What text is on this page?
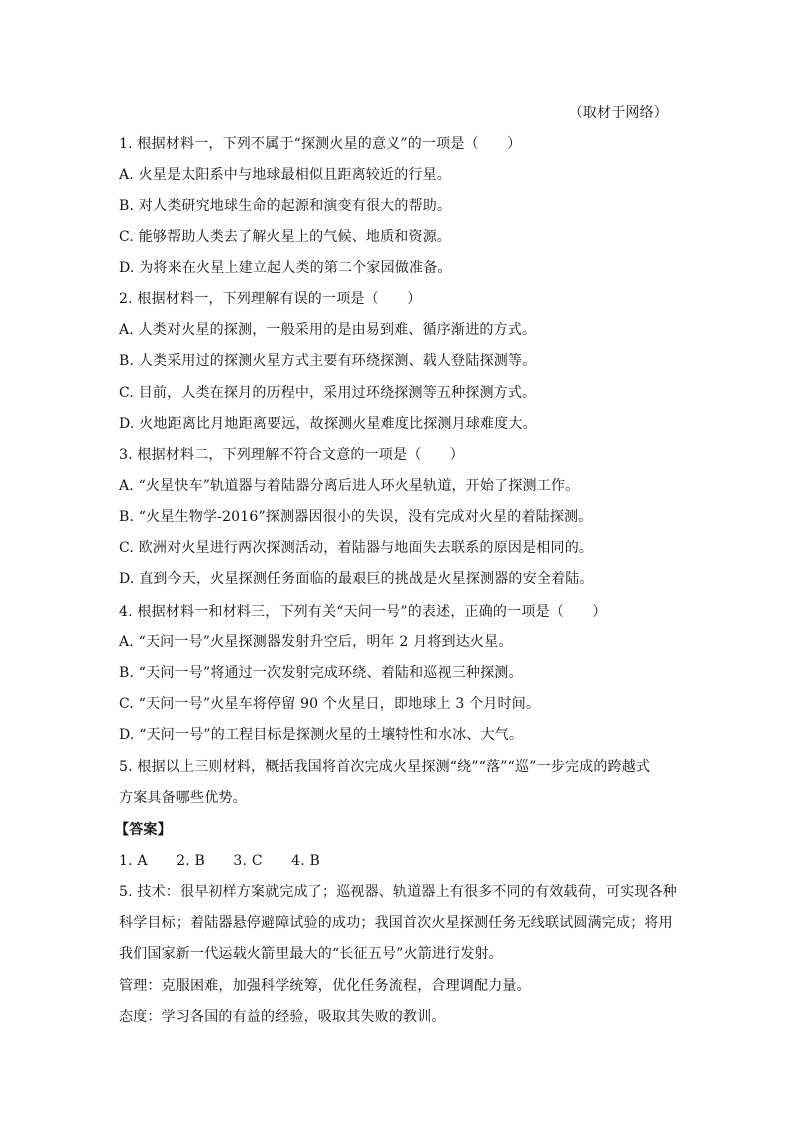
（取材于网络）
1. 根据材料一，下列不属于“探测火星的意义”的一项是（　　）
A. 火星是太阳系中与地球最相似且距离较近的行星。
B. 对人类研究地球生命的起源和演变有很大的帮助。
C. 能够帮助人类去了解火星上的气候、地质和资源。
D. 为将来在火星上建立起人类的第二个家园做准备。
2. 根据材料一，下列理解有误的一项是（　　）
A. 人类对火星的探测，一般采用的是由易到难、循序渐进的方式。
B. 人类采用过的探测火星方式主要有环绕探测、载人登陆探测等。
C. 目前，人类在探月的历程中，采用过环绕探测等五种探测方式。
D. 火地距离比月地距离要远，故探测火星难度比探测月球难度大。
3. 根据材料二，下列理解不符合文意的一项是（　　）
A. “火星快车”轨道器与着陆器分离后进人环火星轨道，开始了探测工作。
B. “火星生物学-2016”探测器因很小的失误，没有完成对火星的着陆探测。
C. 欧洲对火星进行两次探测活动，着陆器与地面失去联系的原因是相同的。
D. 直到今天，火星探测任务面临的最艰巨的挑战是火星探测器的安全着陆。
4. 根据材料一和材料三，下列有关“天问一号”的表述，正确的一项是（　　）
A. “天问一号”火星探测器发射升空后，明年 2 月将到达火星。
B. “天问一号”将通过一次发射完成环绕、着陆和巡视三种探测。
C. “天问一号”火星车将停留 90 个火星日，即地球上 3 个月时间。
D. “天问一号”的工程目标是探测火星的土壤特性和水冰、大气。
5. 根据以上三则材料，概括我国将首次完成火星探测“绕”“落”“巡”一步完成的跨越式
方案具备哪些优势。
【答案】
1. A　　2. B　　3. C　　4. B
5. 技术：很早初样方案就完成了；巡视器、轨道器上有很多不同的有效载荷，可实现各种
科学目标；着陆器悬停避障试验的成功；我国首次火星探测任务无线联试圆满完成；将用
我们国家新一代运载火箭里最大的“长征五号”火箭进行发射。
管理：克服困难，加强科学统筹，优化任务流程，合理调配力量。
态度：学习各国的有益的经验，吸取其失败的教训。
